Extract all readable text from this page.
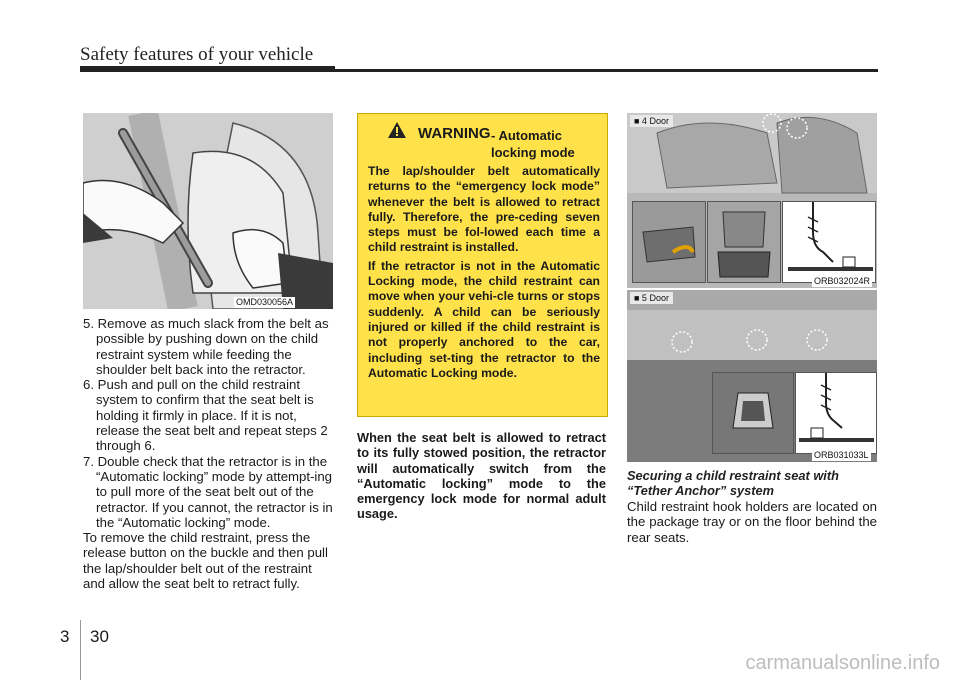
Safety features of your vehicle
OMD030056A
5. Remove as much slack from the belt as possible by pushing down on the child restraint system while feeding the shoulder belt back into the retractor.
6. Push and pull on the child restraint system to confirm that the seat belt is holding it firmly in place. If it is not, release the seat belt and repeat steps 2 through 6.
7. Double check that the retractor is in the “Automatic locking” mode by attempt-ing to pull more of the seat belt out of the retractor. If you cannot, the retractor is in the “Automatic locking” mode.

To remove the child restraint, press the release button on the buckle and then pull the lap/shoulder belt out of the restraint and allow the seat belt to retract fully.

WARNING - Automatic
locking mode

The lap/shoulder belt automatically returns to the “emergency lock mode” whenever the belt is allowed to retract fully. Therefore, the pre-ceding seven steps must be fol-lowed each time a child restraint is installed.

If the retractor is not in the Automatic Locking mode, the child restraint can move when your vehi-cle turns or stops suddenly. A child can be seriously injured or killed if the child restraint is not properly anchored to the car, including set-ting the retractor to the Automatic Locking mode.

When the seat belt is allowed to retract to its fully stowed position, the retractor will automatically switch from the “Automatic locking” mode to the emergency lock mode for normal adult usage.
■ 4 Door
ORB032024R
■ 5 Door
ORB031033L
Securing a child restraint seat with “Tether Anchor” system
Child restraint hook holders are located on the package tray or on the floor behind the rear seats.
3 30
carmanualsonline.info
